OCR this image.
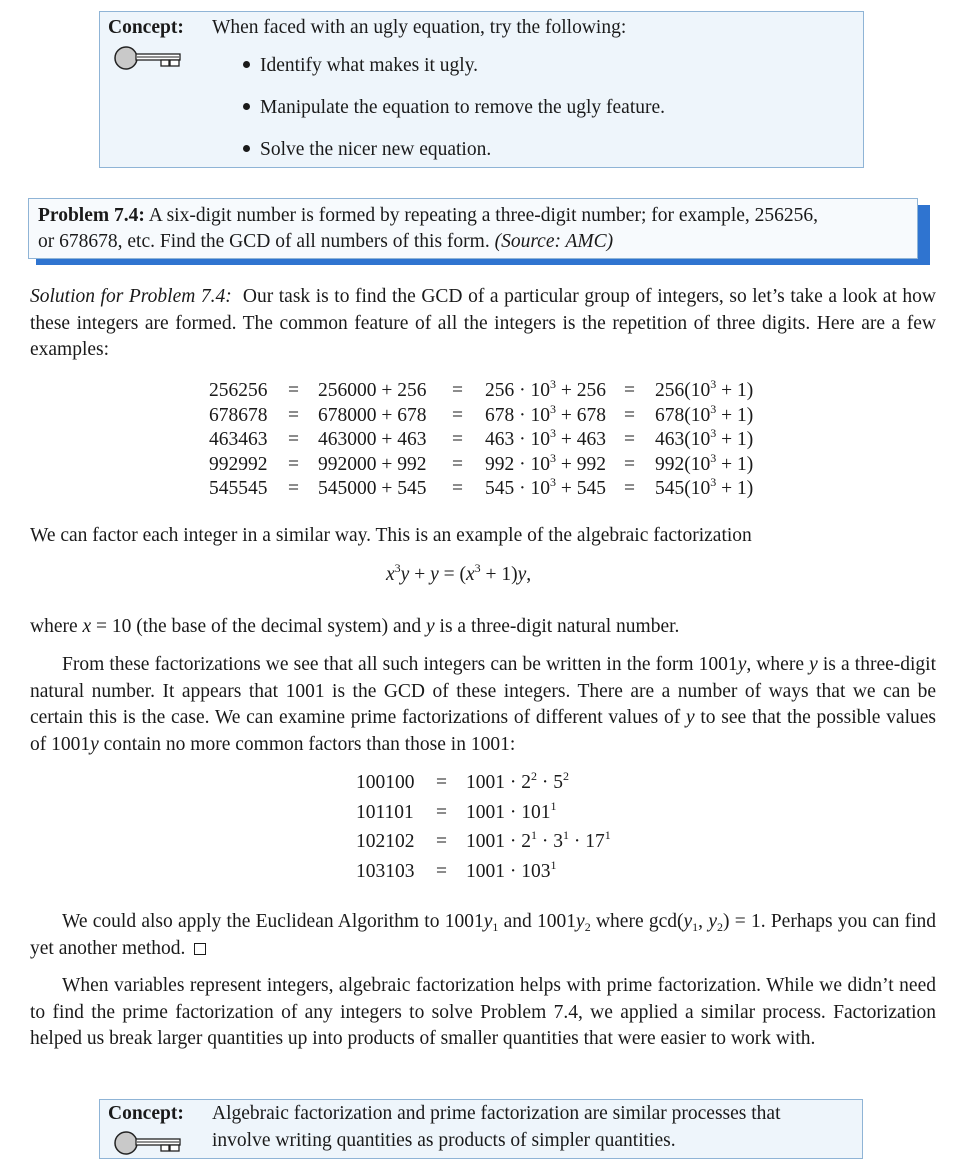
Concept: When faced with an ugly equation, try the following:
Identify what makes it ugly.
Manipulate the equation to remove the ugly feature.
Solve the nicer new equation.
Problem 7.4: A six-digit number is formed by repeating a three-digit number; for example, 256256,
or 678678, etc. Find the GCD of all numbers of this form. (Source: AMC)
Solution for Problem 7.4: Our task is to find the GCD of a particular group of integers, so let’s take a look at how these integers are formed. The common feature of all the integers is the repetition of three digits. Here are a few examples:
$256256 = 256000 + 256 = 256 \cdot 10^3 + 256 = 256(10^3 + 1)$
$678678 = 678000 + 678 = 678 \cdot 10^3 + 678 = 678(10^3 + 1)$
$463463 = 463000 + 463 = 463 \cdot 10^3 + 463 = 463(10^3 + 1)$
$992992 = 992000 + 992 = 992 \cdot 10^3 + 992 = 992(10^3 + 1)$
$545545 = 545000 + 545 = 545 \cdot 10^3 + 545 = 545(10^3 + 1)$
We can factor each integer in a similar way. This is an example of the algebraic factorization
$x^3y + y = (x^3 + 1)y$,
where x = 10 (the base of the decimal system) and y is a three-digit natural number.
From these factorizations we see that all such integers can be written in the form 1001y, where y is a three-digit natural number. It appears that 1001 is the GCD of these integers. There are a number of ways that we can be certain this is the case. We can examine prime factorizations of different values of y to see that the possible values of 1001y contain no more common factors than those in 1001:
$100100 = 1001 \cdot 2^2 \cdot 5^2$
$101101 = 1001 \cdot 101^1$
$102102 = 1001 \cdot 2^1 \cdot 3^1 \cdot 17^1$
$103103 = 1001 \cdot 103^1$
We could also apply the Euclidean Algorithm to $1001y_1$ and $1001y_2$ where $\gcd(y_1$, $y_2) = 1$. Perhaps you can find yet another method.
When variables represent integers, algebraic factorization helps with prime factorization. While we didn’t need to find the prime factorization of any integers to solve Problem 7.4, we applied a similar process. Factorization helped us break larger quantities up into products of smaller quantities that were easier to work with.
Concept: Algebraic factorization and prime factorization are similar processes that
involve writing quantities as products of simpler quantities.
